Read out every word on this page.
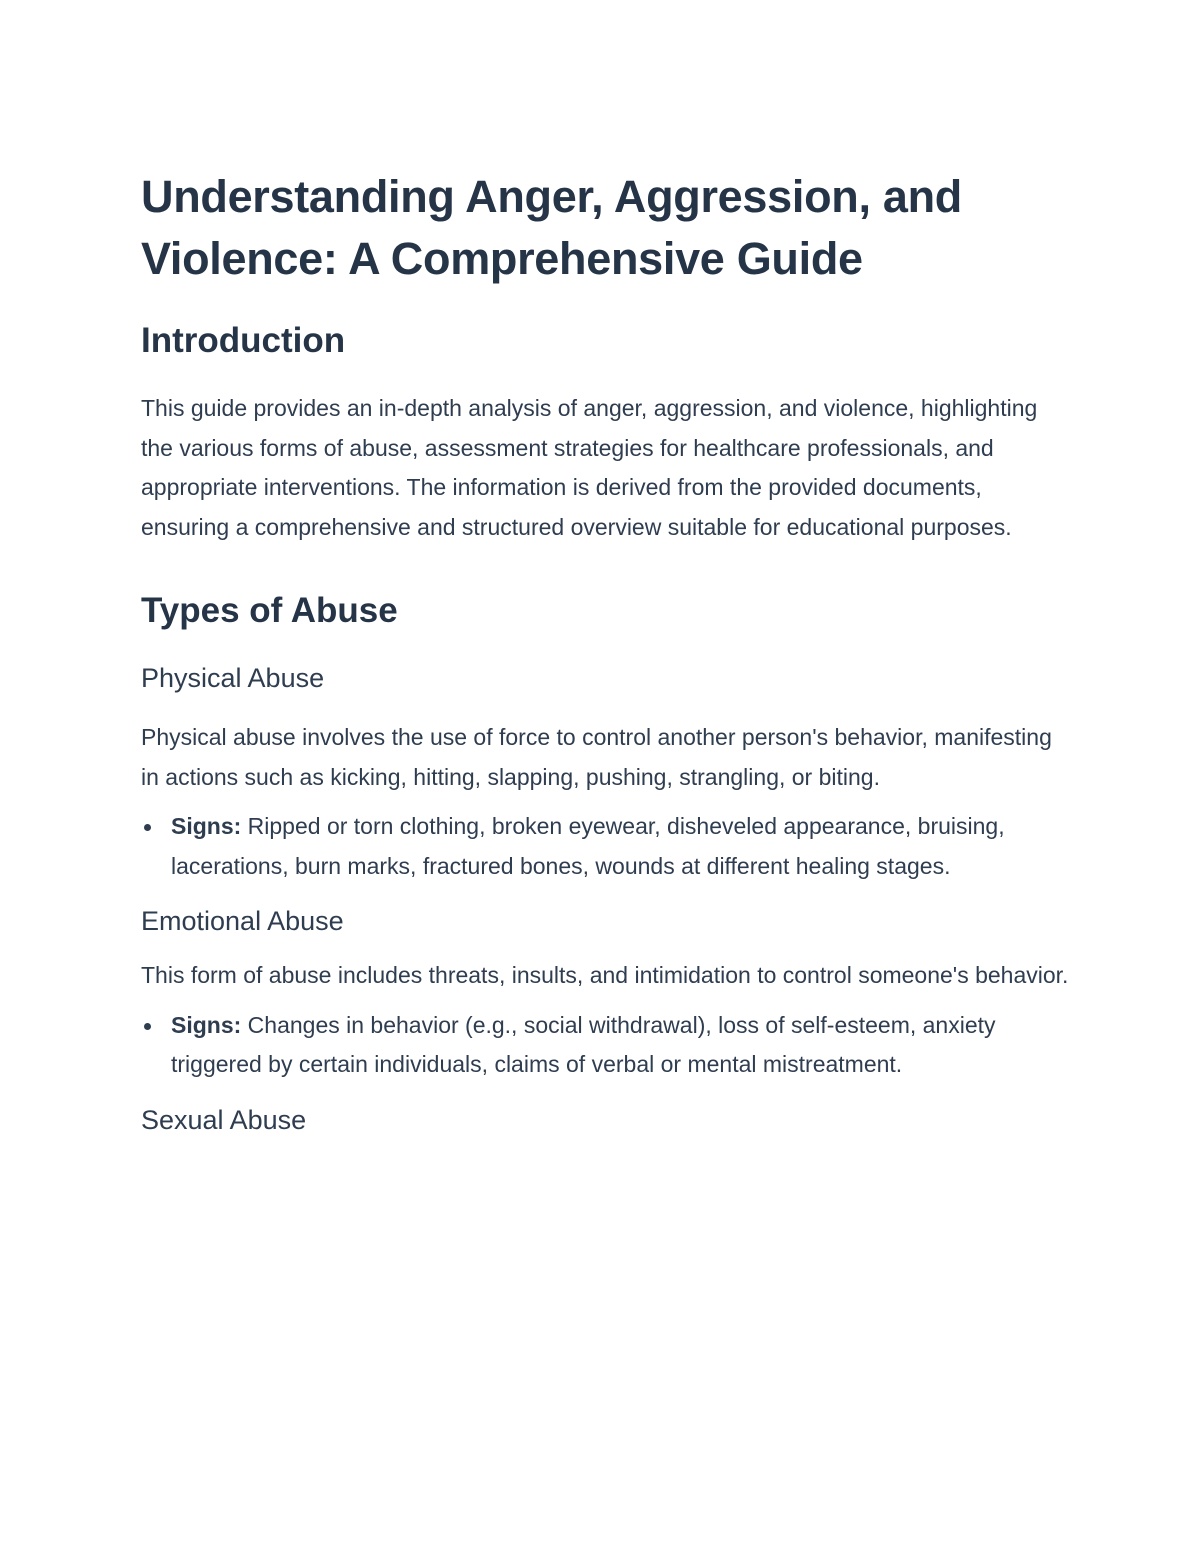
Understanding Anger, Aggression, and Violence: A Comprehensive Guide
Introduction

This guide provides an in-depth analysis of anger, aggression, and violence, highlighting the various forms of abuse, assessment strategies for healthcare professionals, and appropriate interventions. The information is derived from the provided documents, ensuring a comprehensive and structured overview suitable for educational purposes.

Types of Abuse
Physical Abuse

Physical abuse involves the use of force to control another person's behavior, manifesting in actions such as kicking, hitting, slapping, pushing, strangling, or biting.

Signs: Ripped or torn clothing, broken eyewear, disheveled appearance, bruising, lacerations, burn marks, fractured bones, wounds at different healing stages.
Emotional Abuse

This form of abuse includes threats, insults, and intimidation to control someone's behavior.

Signs: Changes in behavior (e.g., social withdrawal), loss of self-esteem, anxiety triggered by certain individuals, claims of verbal or mental mistreatment.
Sexual Abuse
